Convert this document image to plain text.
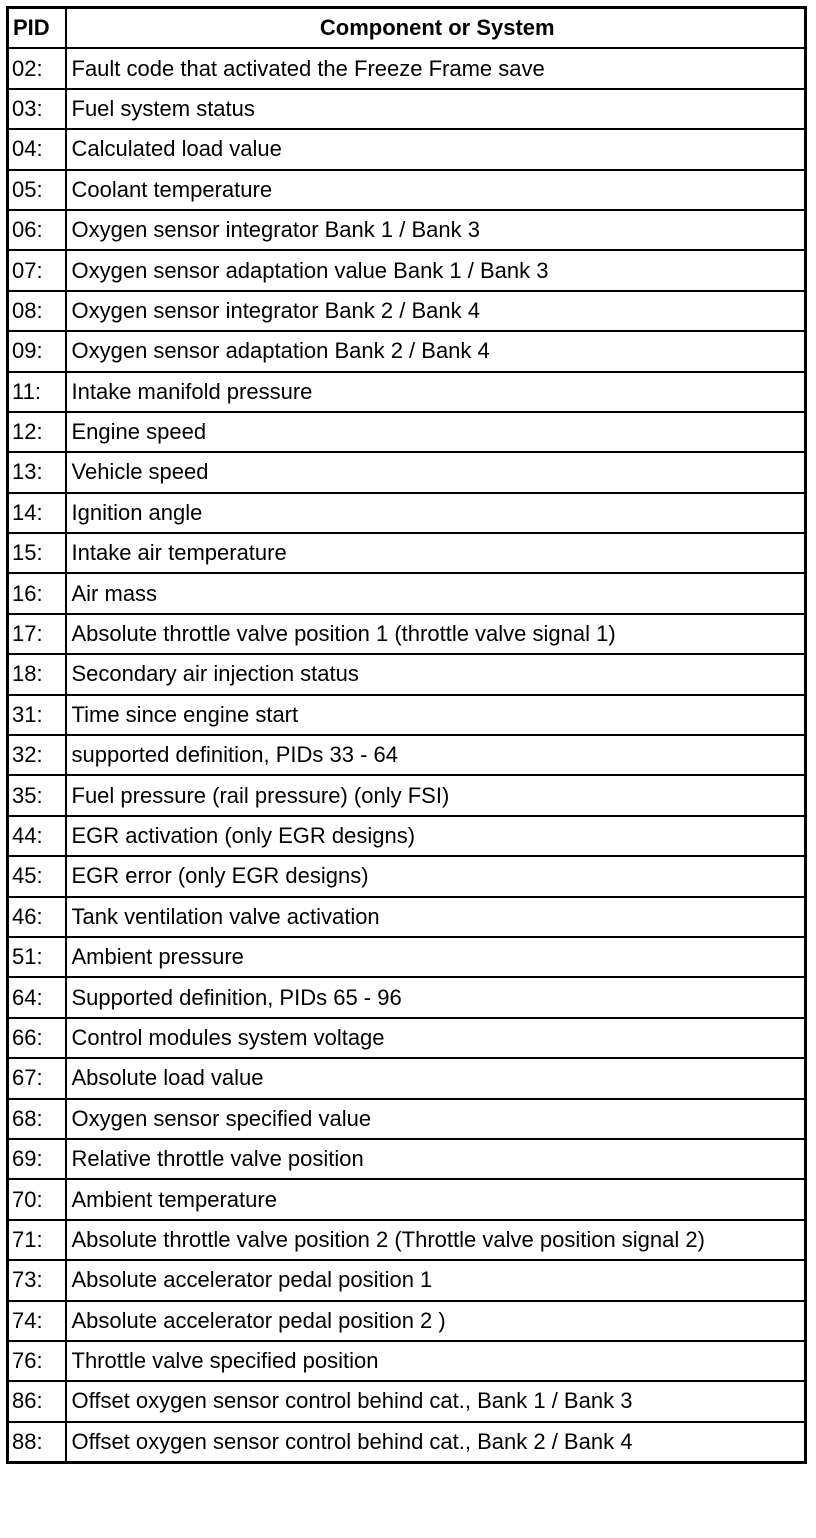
PID	Component or System
02:	Fault code that activated the Freeze Frame save
03:	Fuel system status
04:	Calculated load value
05:	Coolant temperature
06:	Oxygen sensor integrator Bank 1 / Bank 3
07:	Oxygen sensor adaptation value Bank 1 / Bank 3
08:	Oxygen sensor integrator Bank 2 / Bank 4
09:	Oxygen sensor adaptation Bank 2 / Bank 4
11:	Intake manifold pressure
12:	Engine speed
13:	Vehicle speed
14:	Ignition angle
15:	Intake air temperature
16:	Air mass
17:	Absolute throttle valve position 1 (throttle valve signal 1)
18:	Secondary air injection status
31:	Time since engine start
32:	supported definition, PIDs 33 - 64
35:	Fuel pressure (rail pressure) (only FSI)
44:	EGR activation (only EGR designs)
45:	EGR error (only EGR designs)
46:	Tank ventilation valve activation
51:	Ambient pressure
64:	Supported definition, PIDs 65 - 96
66:	Control modules system voltage
67:	Absolute load value
68:	Oxygen sensor specified value
69:	Relative throttle valve position
70:	Ambient temperature
71:	Absolute throttle valve position 2 (Throttle valve position signal 2)
73:	Absolute accelerator pedal position 1
74:	Absolute accelerator pedal position 2 )
76:	Throttle valve specified position
86:	Offset oxygen sensor control behind cat., Bank 1 / Bank 3
88:	Offset oxygen sensor control behind cat., Bank 2 / Bank 4
